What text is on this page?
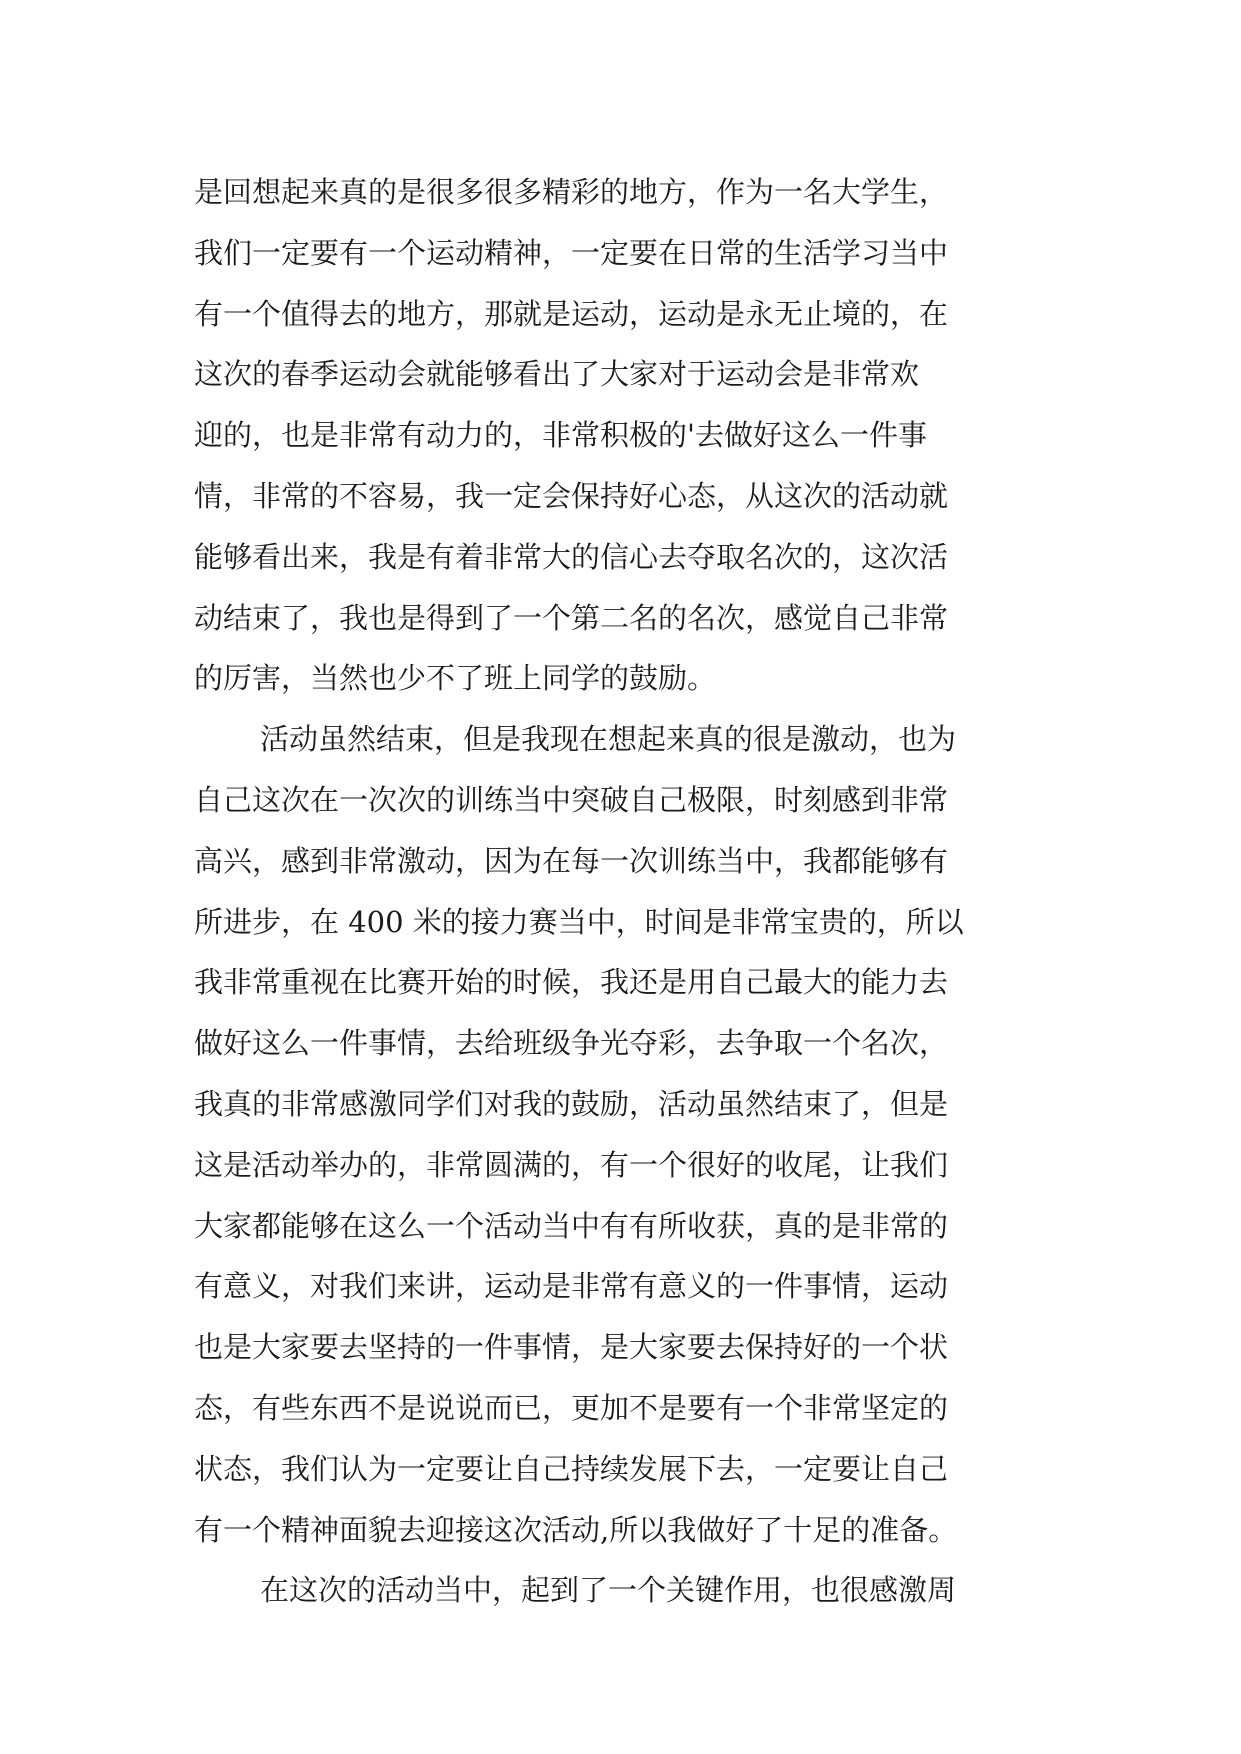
是回想起来真的是很多很多精彩的地方，作为一名大学生，
我们一定要有一个运动精神，一定要在日常的生活学习当中
有一个值得去的地方，那就是运动，运动是永无止境的，在
这次的春季运动会就能够看出了大家对于运动会是非常欢
迎的，也是非常有动力的，非常积极的'去做好这么一件事
情，非常的不容易，我一定会保持好心态，从这次的活动就
能够看出来，我是有着非常大的信心去夺取名次的，这次活
动结束了，我也是得到了一个第二名的名次，感觉自己非常
的厉害，当然也少不了班上同学的鼓励。
活动虽然结束，但是我现在想起来真的很是激动，也为
自己这次在一次次的训练当中突破自己极限，时刻感到非常
高兴，感到非常激动，因为在每一次训练当中，我都能够有
所进步，在 400 米的接力赛当中，时间是非常宝贵的，所以
我非常重视在比赛开始的时候，我还是用自己最大的能力去
做好这么一件事情，去给班级争光夺彩，去争取一个名次，
我真的非常感激同学们对我的鼓励，活动虽然结束了，但是
这是活动举办的，非常圆满的，有一个很好的收尾，让我们
大家都能够在这么一个活动当中有有所收获，真的是非常的
有意义，对我们来讲，运动是非常有意义的一件事情，运动
也是大家要去坚持的一件事情，是大家要去保持好的一个状
态，有些东西不是说说而已，更加不是要有一个非常坚定的
状态，我们认为一定要让自己持续发展下去，一定要让自己
有一个精神面貌去迎接这次活动,所以我做好了十足的准备。
在这次的活动当中，起到了一个关键作用，也很感激周
